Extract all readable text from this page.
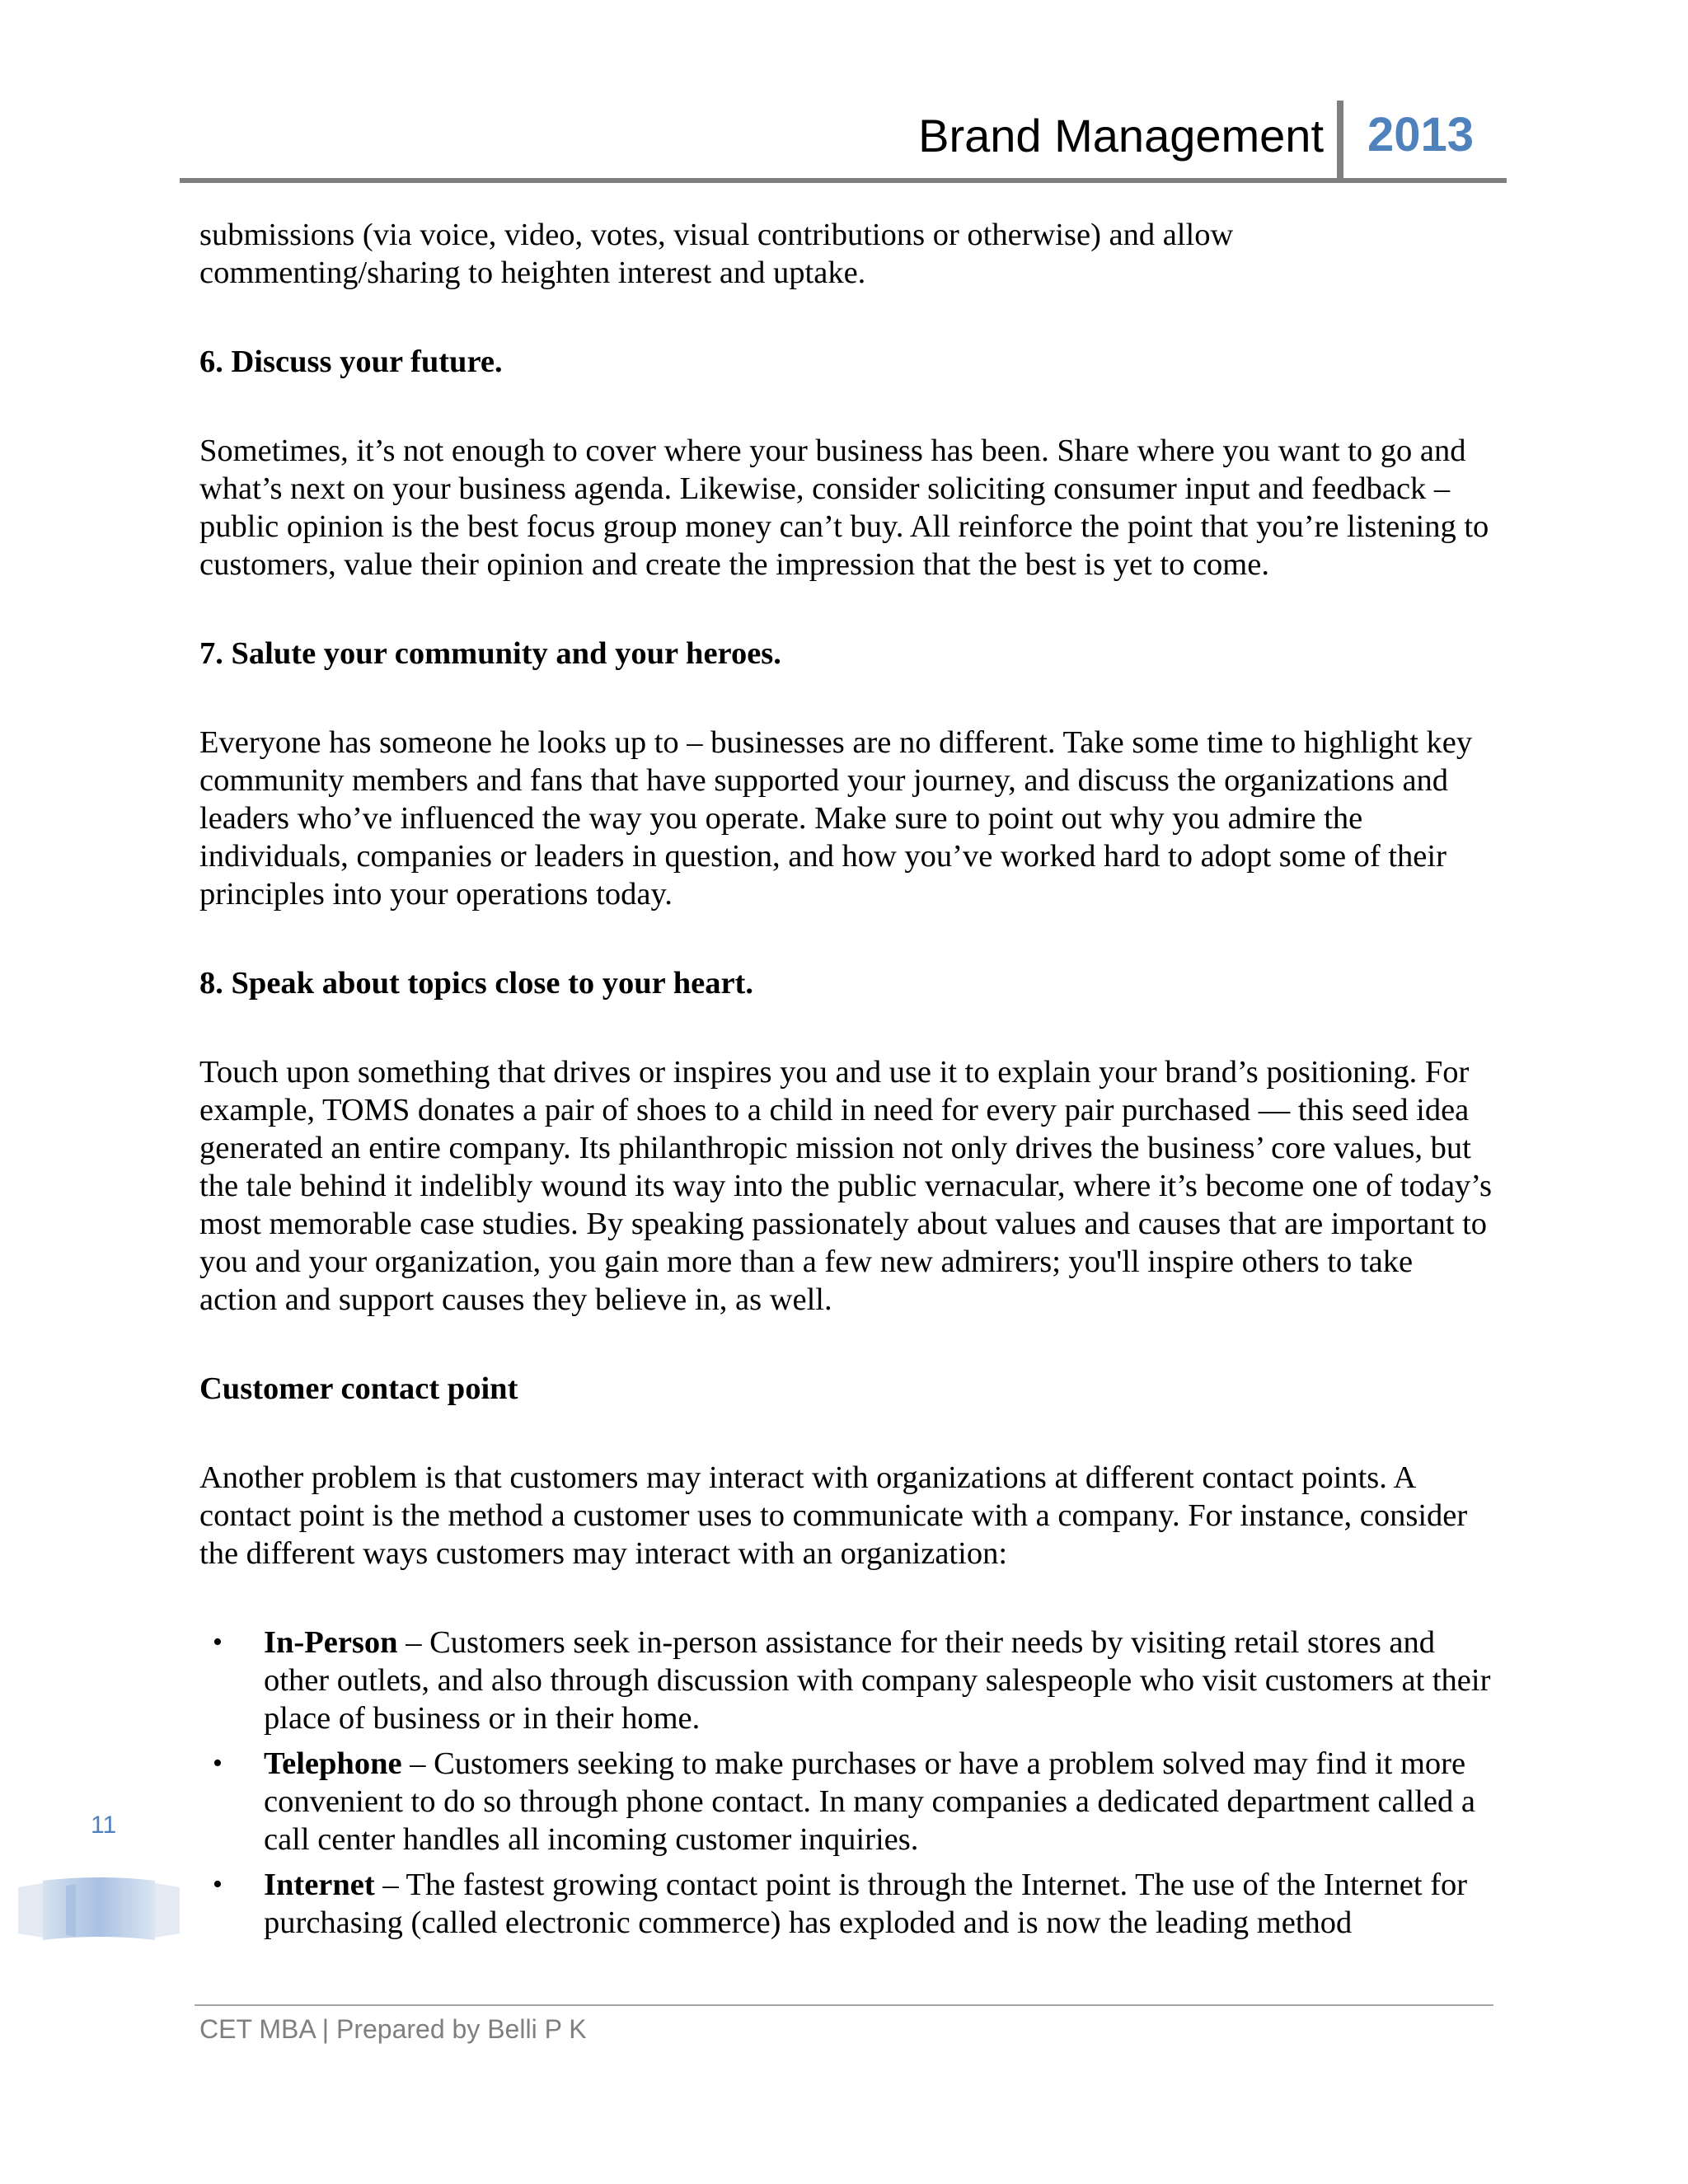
Brand Management 2013

submissions (via voice, video, votes, visual contributions or otherwise) and allow commenting/sharing to heighten interest and uptake.

6. Discuss your future.

Sometimes, it’s not enough to cover where your business has been. Share where you want to go and what’s next on your business agenda. Likewise, consider soliciting consumer input and feedback – public opinion is the best focus group money can’t buy. All reinforce the point that you’re listening to customers, value their opinion and create the impression that the best is yet to come.

7. Salute your community and your heroes.

Everyone has someone he looks up to – businesses are no different. Take some time to highlight key community members and fans that have supported your journey, and discuss the organizations and leaders who’ve influenced the way you operate. Make sure to point out why you admire the individuals, companies or leaders in question, and how you’ve worked hard to adopt some of their principles into your operations today.

8. Speak about topics close to your heart.

Touch upon something that drives or inspires you and use it to explain your brand’s positioning. For example, TOMS donates a pair of shoes to a child in need for every pair purchased — this seed idea generated an entire company. Its philanthropic mission not only drives the business’ core values, but the tale behind it indelibly wound its way into the public vernacular, where it’s become one of today’s most memorable case studies. By speaking passionately about values and causes that are important to you and your organization, you gain more than a few new admirers; you'll inspire others to take action and support causes they believe in, as well.

Customer contact point

Another problem is that customers may interact with organizations at different contact points. A contact point is the method a customer uses to communicate with a company. For instance, consider the different ways customers may interact with an organization:

• In-Person – Customers seek in-person assistance for their needs by visiting retail stores and other outlets, and also through discussion with company salespeople who visit customers at their place of business or in their home.
• Telephone – Customers seeking to make purchases or have a problem solved may find it more convenient to do so through phone contact. In many companies a dedicated department called a call center handles all incoming customer inquiries.
• Internet – The fastest growing contact point is through the Internet. The use of the Internet for purchasing (called electronic commerce) has exploded and is now the leading method
11
CET MBA | Prepared by Belli P K
